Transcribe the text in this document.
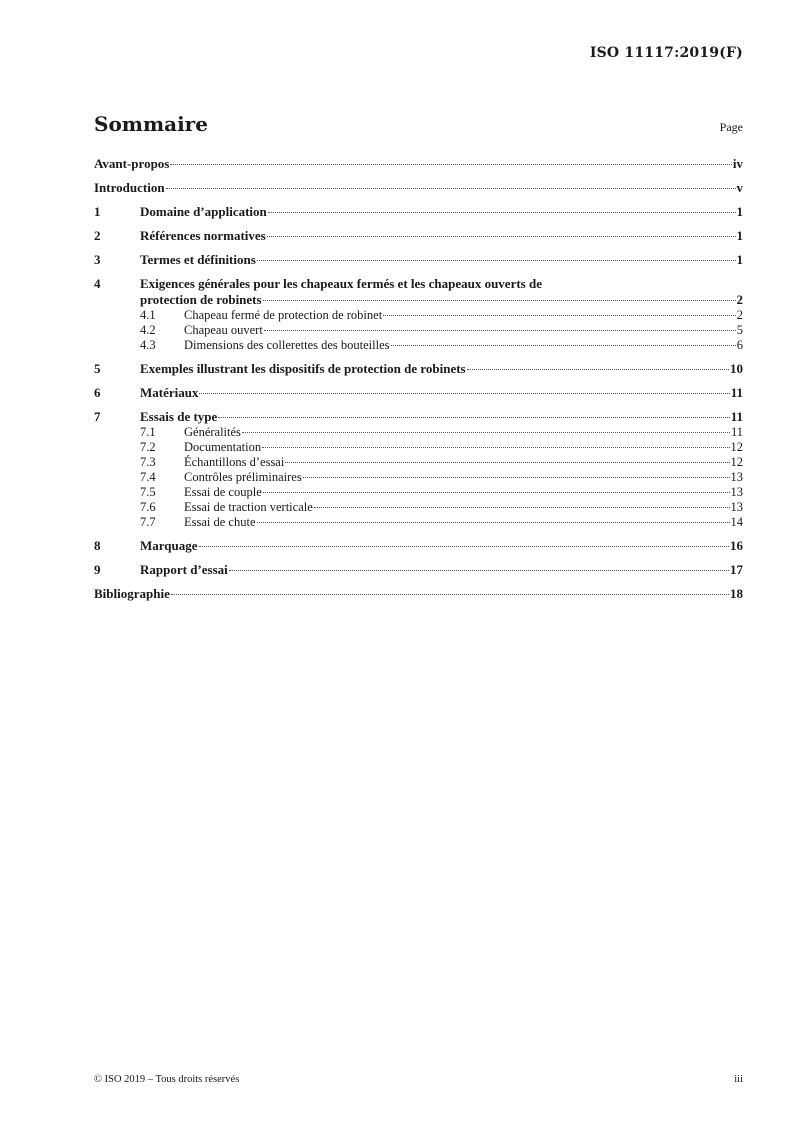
ISO 11117:2019(F)
Sommaire	Page
Avant-propos	iv
Introduction	v
1	Domaine d’application	1
2	Références normatives	1
3	Termes et définitions	1
4	Exigences générales pour les chapeaux fermés et les chapeaux ouverts de
protection de robinets	2
4.1	Chapeau fermé de protection de robinet	2
4.2	Chapeau ouvert	5
4.3	Dimensions des collerettes des bouteilles	6
5	Exemples illustrant les dispositifs de protection de robinets	10
6	Matériaux	11
7	Essais de type	11
7.1	Généralités	11
7.2	Documentation	12
7.3	Échantillons d’essai	12
7.4	Contrôles préliminaires	13
7.5	Essai de couple	13
7.6	Essai de traction verticale	13
7.7	Essai de chute	14
8	Marquage	16
9	Rapport d’essai	17
Bibliographie	18
© ISO 2019 – Tous droits réservés	iii
